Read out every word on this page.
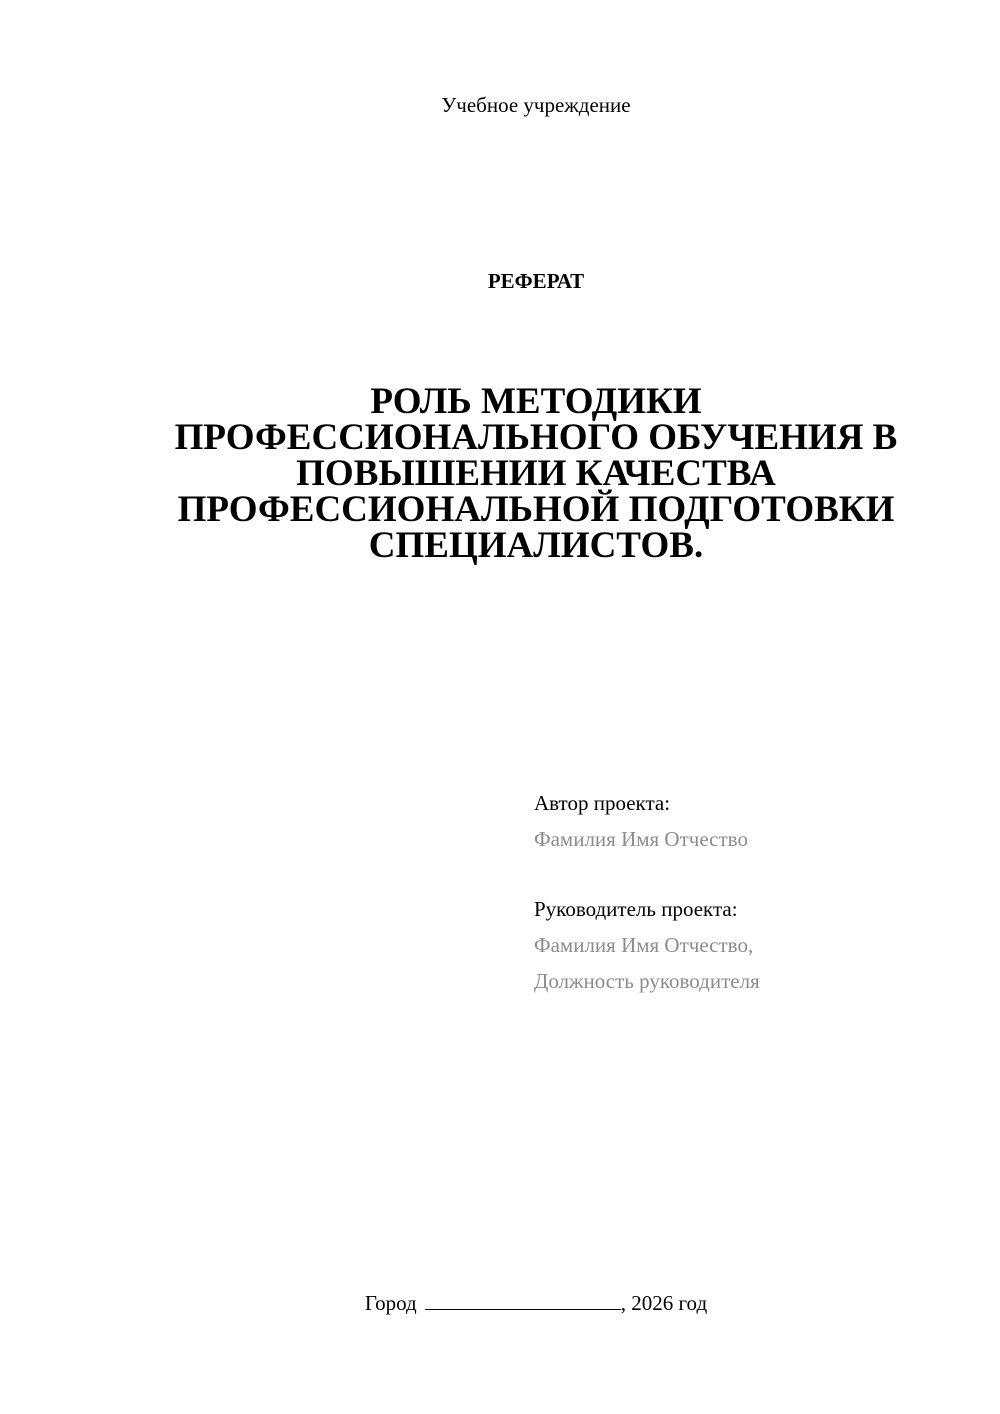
Учебное учреждение
РЕФЕРАТ
РОЛЬ МЕТОДИКИ
ПРОФЕССИОНАЛЬНОГО ОБУЧЕНИЯ В
ПОВЫШЕНИИ КАЧЕСТВА
ПРОФЕССИОНАЛЬНОЙ ПОДГОТОВКИ
СПЕЦИАЛИСТОВ.
Автор проекта:
Фамилия Имя Отчество
Руководитель проекта:
Фамилия Имя Отчество,
Должность руководителя
Город	, 2026 год
